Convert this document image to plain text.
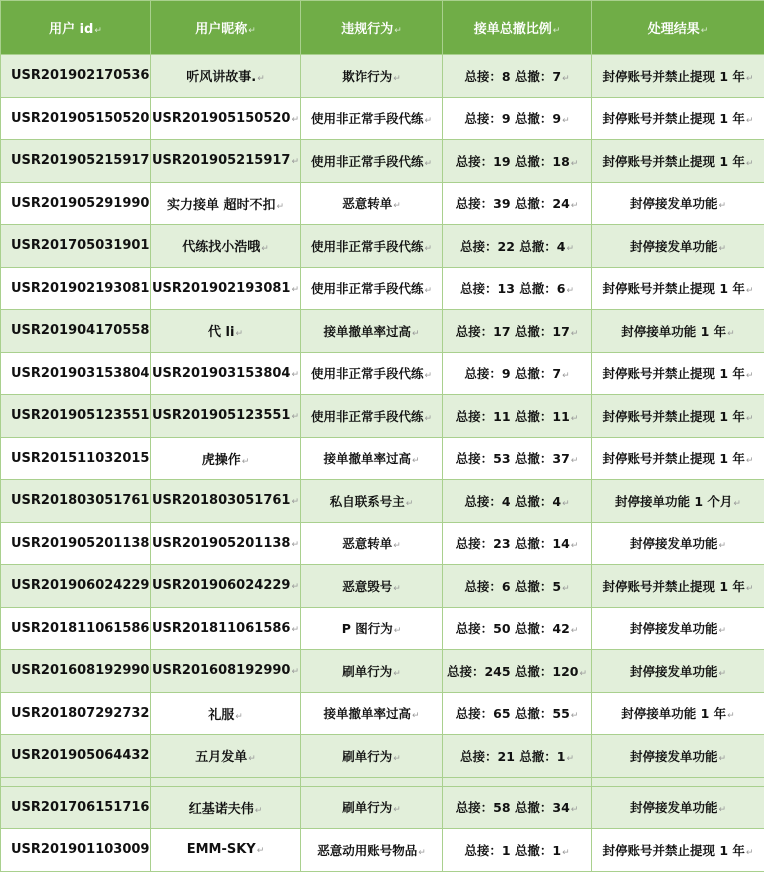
用户 id↵	用户昵称↵	违规行为↵	接单总撤比例↵	处理结果↵
USR201902170536	听风讲故事.↵	欺诈行为↵	总接：8 总撤：7↵	封停账号并禁止提现 1 年↵
USR201905150520	USR201905150520↵	使用非正常手段代练↵	总接：9 总撤：9↵	封停账号并禁止提现 1 年↵
USR201905215917	USR201905215917↵	使用非正常手段代练↵	总接：19 总撤：18↵	封停账号并禁止提现 1 年↵
USR201905291990	实力接单 超时不扣↵	恶意转单↵	总接：39 总撤：24↵	封停接发单功能↵
USR201705031901	代练找小浩哦↵	使用非正常手段代练↵	总接：22 总撤：4↵	封停接发单功能↵
USR201902193081	USR201902193081↵	使用非正常手段代练↵	总接：13 总撤：6↵	封停账号并禁止提现 1 年↵
USR201904170558	代 li↵	接单撤单率过高↵	总接：17 总撤：17↵	封停接单功能 1 年↵
USR201903153804	USR201903153804↵	使用非正常手段代练↵	总接：9 总撤：7↵	封停账号并禁止提现 1 年↵
USR201905123551	USR201905123551↵	使用非正常手段代练↵	总接：11 总撤：11↵	封停账号并禁止提现 1 年↵
USR201511032015	虎操作↵	接单撤单率过高↵	总接：53 总撤：37↵	封停账号并禁止提现 1 年↵
USR201803051761	USR201803051761↵	私自联系号主↵	总接：4 总撤：4↵	封停接单功能 1 个月↵
USR201905201138	USR201905201138↵	恶意转单↵	总接：23 总撤：14↵	封停接发单功能↵
USR201906024229	USR201906024229↵	恶意毁号↵	总接：6 总撤：5↵	封停账号并禁止提现 1 年↵
USR201811061586	USR201811061586↵	P 图行为↵	总接：50 总撤：42↵	封停接发单功能↵
USR201608192990	USR201608192990↵	刷单行为↵	总接：245 总撤：120↵	封停接发单功能↵
USR201807292732	礼服↵	接单撤单率过高↵	总接：65 总撤：55↵	封停接单功能 1 年↵
USR201905064432	五月发单↵	刷单行为↵	总接：21 总撤：1↵	封停接发单功能↵

USR201706151716	红基诺夫伟↵	刷单行为↵	总接：58 总撤：34↵	封停接发单功能↵
USR201901103009	EMM-SKY↵	恶意动用账号物品↵	总接：1 总撤：1↵	封停账号并禁止提现 1 年↵
